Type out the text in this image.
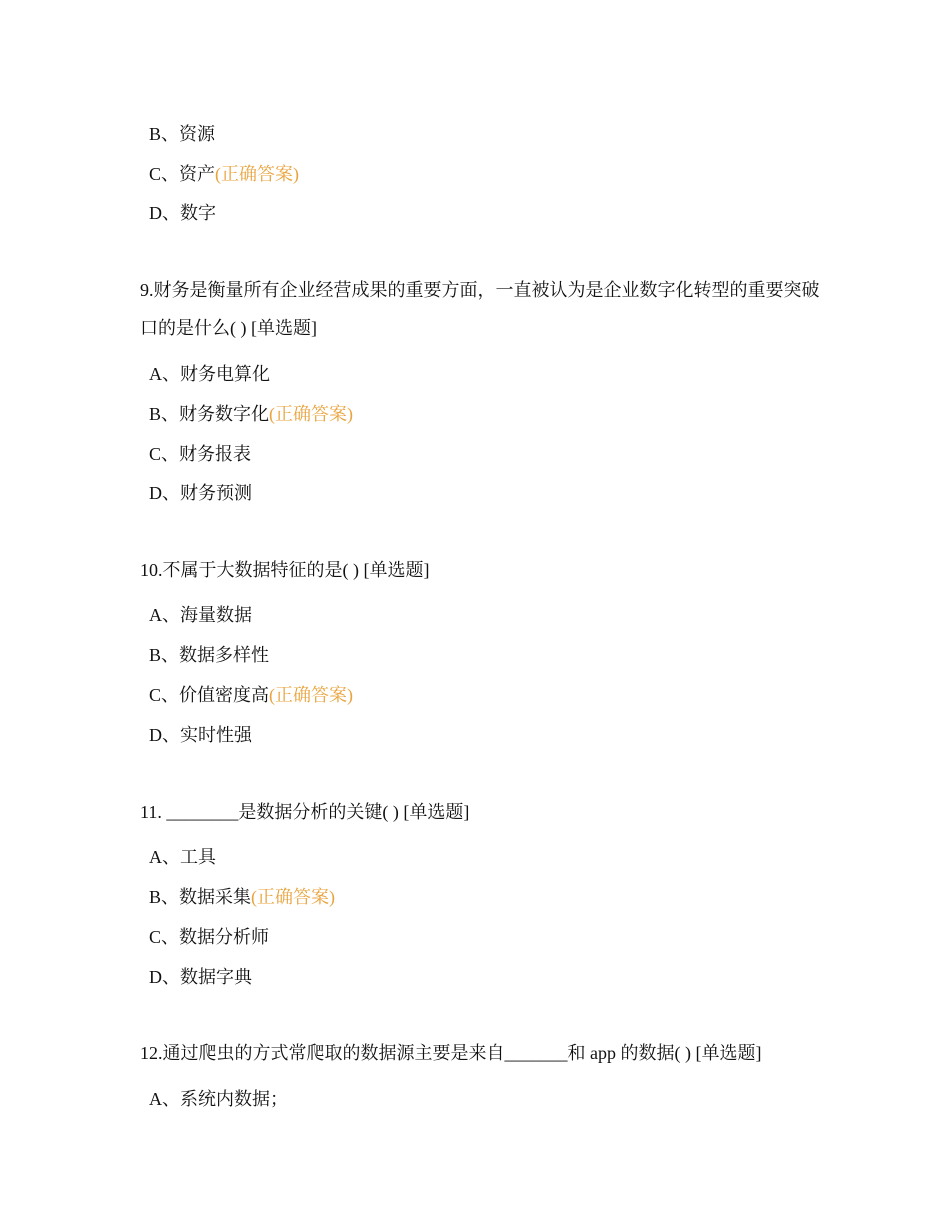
B、资源
C、资产(正确答案)
D、数字
9.财务是衡量所有企业经营成果的重要方面，一直被认为是企业数字化转型的重要突破口的是什么( ) [单选题]
A、财务电算化
B、财务数字化(正确答案)
C、财务报表
D、财务预测
10.不属于大数据特征的是( ) [单选题]
A、海量数据
B、数据多样性
C、价值密度高(正确答案)
D、实时性强
11. ________是数据分析的关键( ) [单选题]
A、工具
B、数据采集(正确答案)
C、数据分析师
D、数据字典
12.通过爬虫的方式常爬取的数据源主要是来自_______和 app 的数据( ) [单选题]
A、系统内数据；
